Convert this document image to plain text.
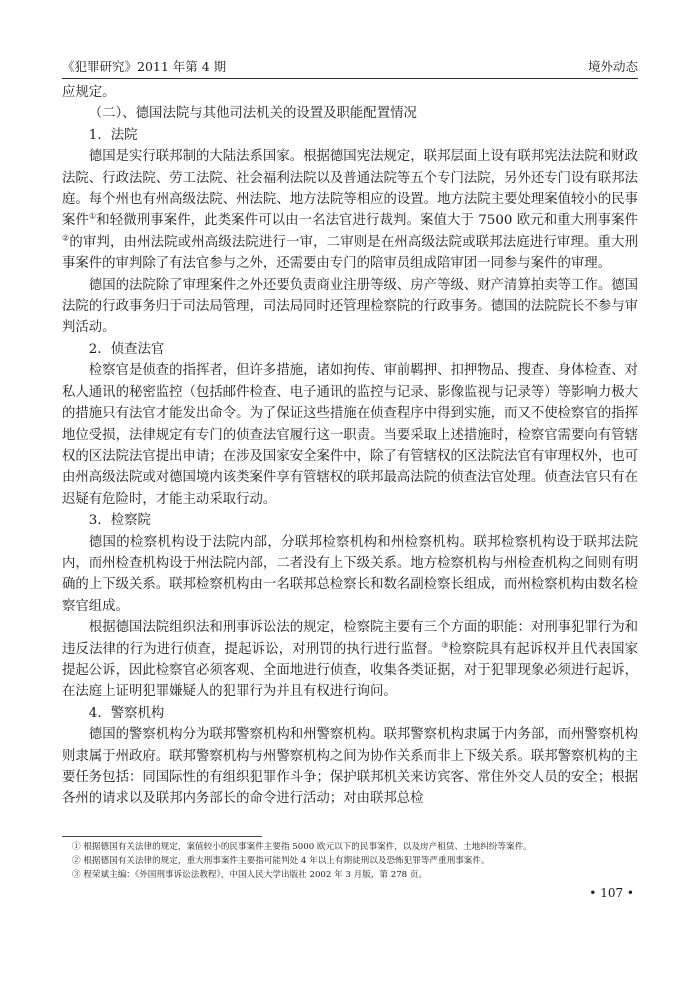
《犯罪研究》2011 年第 4 期	境外动态

应规定。

（二）、德国法院与其他司法机关的设置及职能配置情况

1．法院

德国是实行联邦制的大陆法系国家。根据德国宪法规定，联邦层面上设有联邦宪法法院和财政法院、行政法院、劳工法院、社会福利法院以及普通法院等五个专门法院，另外还专门设有联邦法庭。每个州也有州高级法院、州法院、地方法院等相应的设置。地方法院主要处理案值较小的民事案件①和轻微刑事案件，此类案件可以由一名法官进行裁判。案值大于 7500 欧元和重大刑事案件②的审判，由州法院或州高级法院进行一审，二审则是在州高级法院或联邦法庭进行审理。重大刑事案件的审判除了有法官参与之外，还需要由专门的陪审员组成陪审团一同参与案件的审理。

德国的法院除了审理案件之外还要负责商业注册等级、房产等级、财产清算拍卖等工作。德国法院的行政事务归于司法局管理，司法局同时还管理检察院的行政事务。德国的法院院长不参与审判活动。

2．侦查法官

检察官是侦查的指挥者，但许多措施，诸如拘传、审前羁押、扣押物品、搜查、身体检查、对私人通讯的秘密监控（包括邮件检查、电子通讯的监控与记录、影像监视与记录等）等影响力极大的措施只有法官才能发出命令。为了保证这些措施在侦查程序中得到实施，而又不使检察官的指挥地位受损，法律规定有专门的侦查法官履行这一职责。当要采取上述措施时，检察官需要向有管辖权的区法院法官提出申请；在涉及国家安全案件中，除了有管辖权的区法院法官有审理权外，也可由州高级法院或对德国境内该类案件享有管辖权的联邦最高法院的侦查法官处理。侦查法官只有在迟疑有危险时，才能主动采取行动。

3．检察院

德国的检察机构设于法院内部，分联邦检察机构和州检察机构。联邦检察机构设于联邦法院内，而州检查机构设于州法院内部，二者没有上下级关系。地方检察机构与州检查机构之间则有明确的上下级关系。联邦检察机构由一名联邦总检察长和数名副检察长组成，而州检察机构由数名检察官组成。

根据德国法院组织法和刑事诉讼法的规定，检察院主要有三个方面的职能：对刑事犯罪行为和违反法律的行为进行侦查，提起诉讼，对刑罚的执行进行监督。③检察院具有起诉权并且代表国家提起公诉，因此检察官必须客观、全面地进行侦查，收集各类证据，对于犯罪现象必须进行起诉，在法庭上证明犯罪嫌疑人的犯罪行为并且有权进行询问。

4．警察机构

德国的警察机构分为联邦警察机构和州警察机构。联邦警察机构隶属于内务部，而州警察机构则隶属于州政府。联邦警察机构与州警察机构之间为协作关系而非上下级关系。联邦警察机构的主要任务包括：同国际性的有组织犯罪作斗争；保护联邦机关来访宾客、常住外交人员的安全；根据各州的请求以及联邦内务部长的命令进行活动；对由联邦总检

① 根据德国有关法律的规定，案值较小的民事案件主要指 5000 欧元以下的民事案件，以及房产租赁、土地纠纷等案件。
② 根据德国有关法律的规定，重大刑事案件主要指可能判处 4 年以上有期徒刑以及恐怖犯罪等严重刑事案件。
③ 程荣斌主编：《外国刑事诉讼法教程》，中国人民大学出版社 2002 年 3 月版，第 278 页。
• 107 •
